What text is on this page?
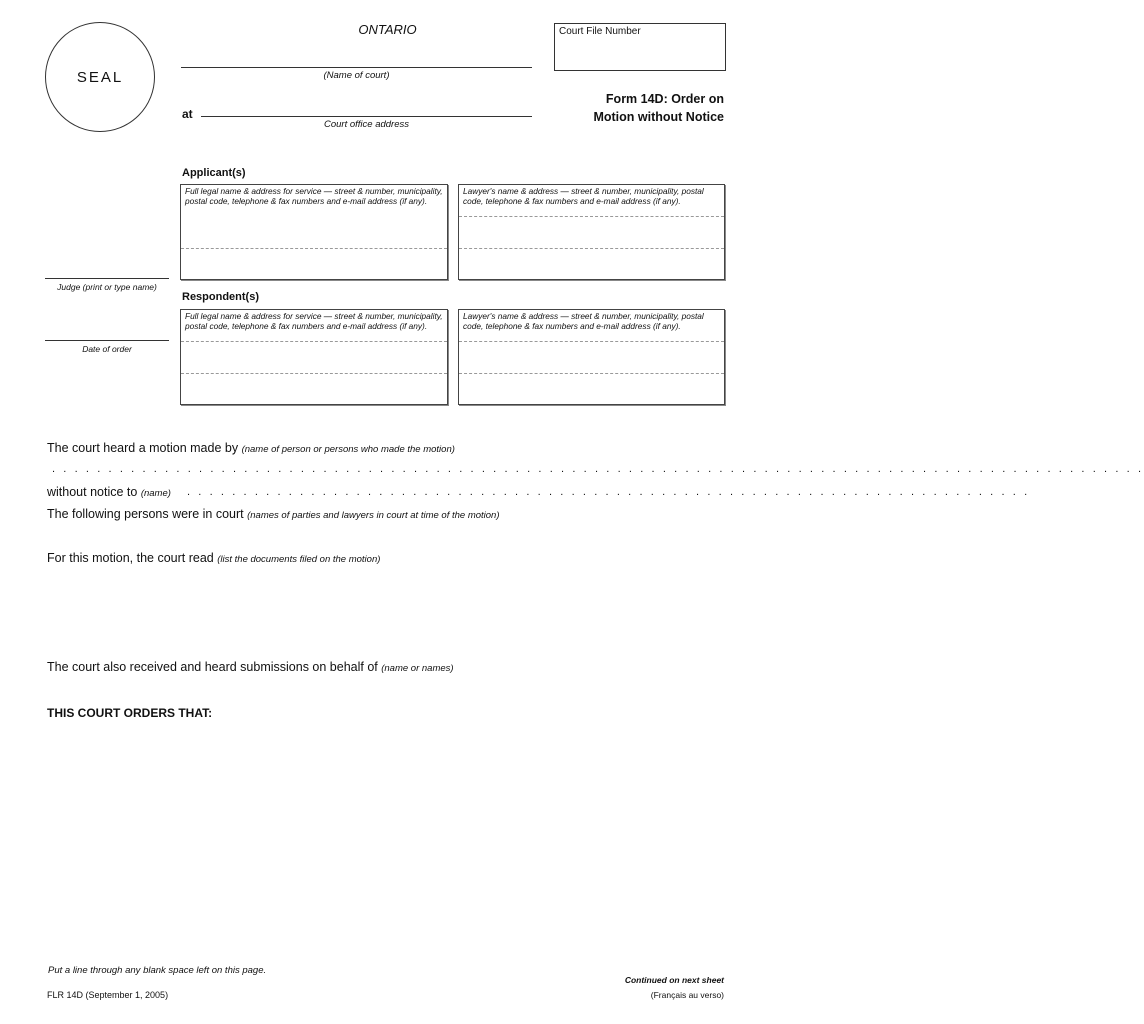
SEAL
ONTARIO	Court File Number
(Name of court)
at
Court office address
Form 14D: Order on
Motion without Notice
Applicant(s)
Full legal name & address for service — street & number, municipality, postal code, telephone & fax numbers and e-mail address (if any).
Lawyer's name & address — street & number, municipality, postal code, telephone & fax numbers and e-mail address (if any).
Judge (print or type name)
Date of order
Respondent(s)
Full legal name & address for service — street & number, municipality, postal code, telephone & fax numbers and e-mail address (if any).
Lawyer's name & address — street & number, municipality, postal code, telephone & fax numbers and e-mail address (if any).
The court heard a motion made by (name of person or persons who made the motion)
. . . . . . . . . . . . . . . . . . . . . . . . . . . . . . . . . . . . . . . . . . . . . . . . . . . . . . . . . . . . . . . . . . . . . . . . . . . . . . . . . . . . . . . . . . . . . . . . .
without notice to (name) . . . . . . . . . . . . . . . . . . . . . . . . . . . . . . . . . . . . . . . . . . . . . . . . . . . . . . . . . . . . . . . . . . . . . . . . . . .
The following persons were in court (names of parties and lawyers in court at time of the motion)
For this motion, the court read (list the documents filed on the motion)
The court also received and heard submissions on behalf of (name or names)
THIS COURT ORDERS THAT:
Put a line through any blank space left on this page.
FLR 14D (September 1, 2005)
Continued on next sheet
(Français au verso)
